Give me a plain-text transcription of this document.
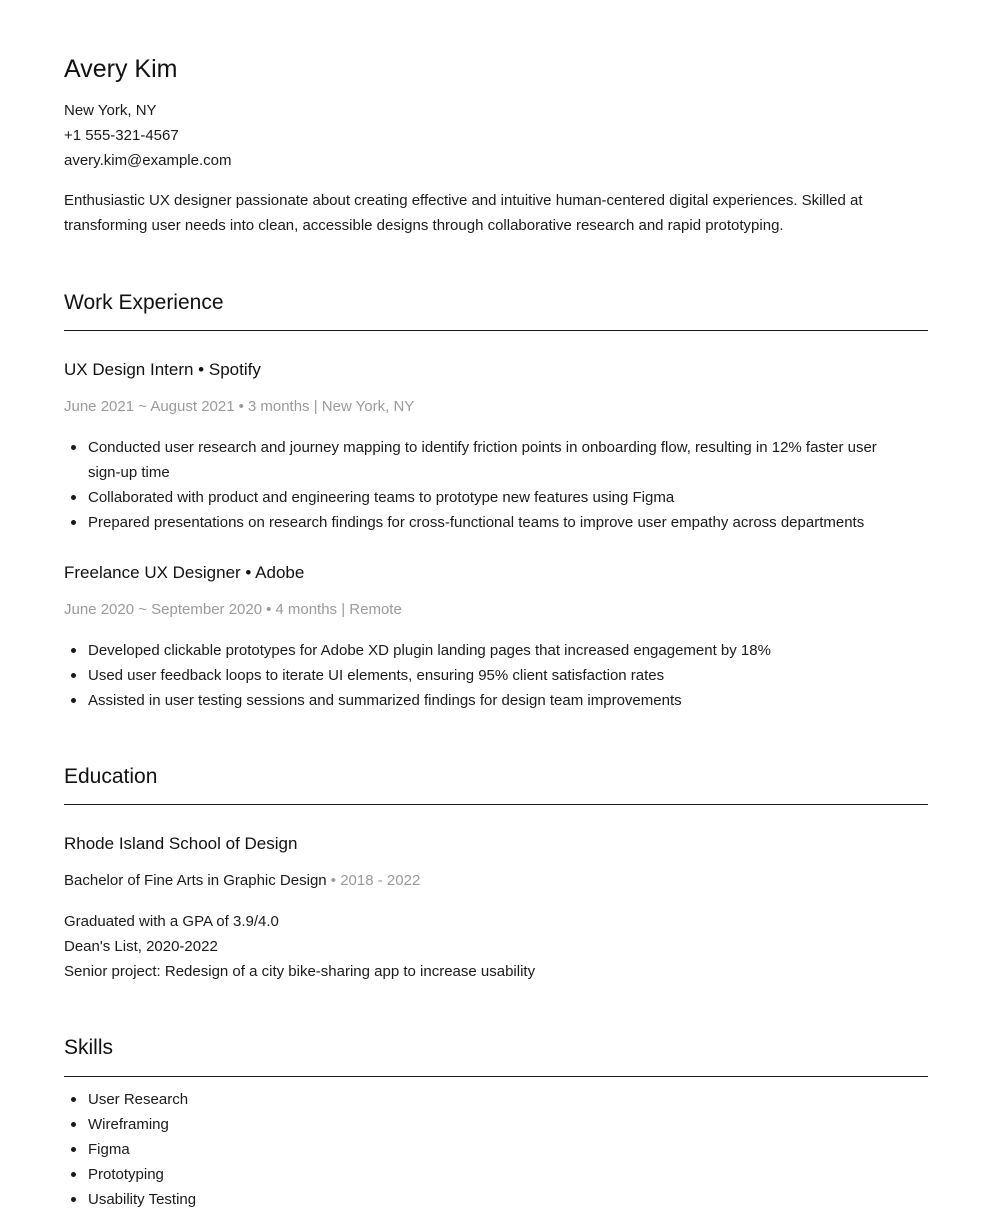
Avery Kim
New York, NY
+1 555-321-4567
avery.kim@example.com
Enthusiastic UX designer passionate about creating effective and intuitive human-centered digital experiences. Skilled at transforming user needs into clean, accessible designs through collaborative research and rapid prototyping.
Work Experience
UX Design Intern • Spotify
June 2021 ~ August 2021 • 3 months | New York, NY
Conducted user research and journey mapping to identify friction points in onboarding flow, resulting in 12% faster user sign-up time
Collaborated with product and engineering teams to prototype new features using Figma
Prepared presentations on research findings for cross-functional teams to improve user empathy across departments
Freelance UX Designer • Adobe
June 2020 ~ September 2020 • 4 months | Remote
Developed clickable prototypes for Adobe XD plugin landing pages that increased engagement by 18%
Used user feedback loops to iterate UI elements, ensuring 95% client satisfaction rates
Assisted in user testing sessions and summarized findings for design team improvements
Education
Rhode Island School of Design
Bachelor of Fine Arts in Graphic Design • 2018 - 2022
Graduated with a GPA of 3.9/4.0
Dean's List, 2020-2022
Senior project: Redesign of a city bike-sharing app to increase usability
Skills
User Research
Wireframing
Figma
Prototyping
Usability Testing
